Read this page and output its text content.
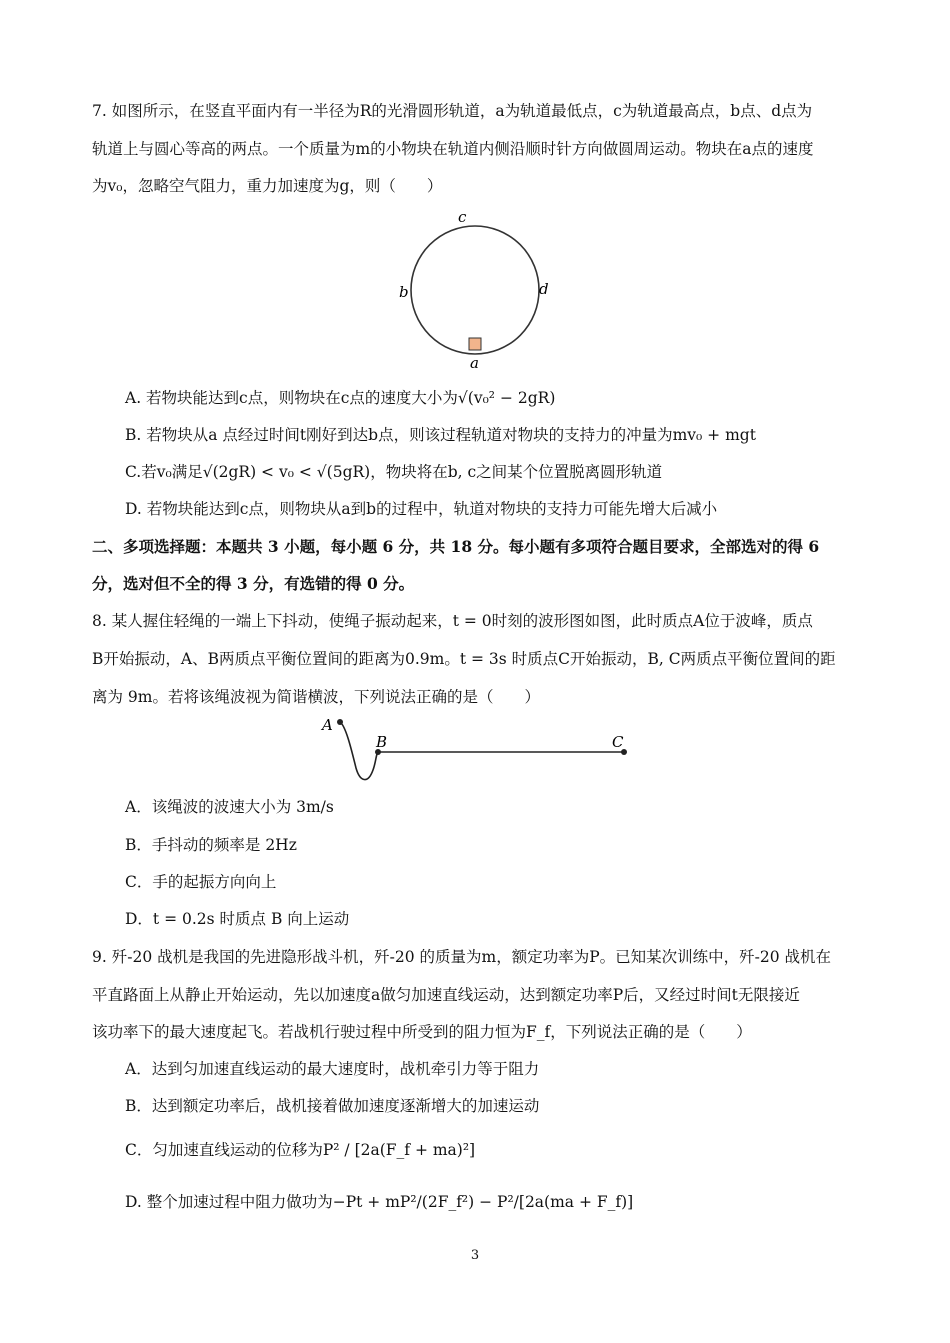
7. 如图所示，在竖直平面内有一半径为R的光滑圆形轨道，a为轨道最低点，c为轨道最高点，b点、d点为
轨道上与圆心等高的两点。一个质量为m的小物块在轨道内侧沿顺时针方向做圆周运动。物块在a点的速度
为v₀，忽略空气阻力，重力加速度为g，则（　　）
c
b	d
a
A. 若物块能达到c点，则物块在c点的速度大小为√(v₀² − 2gR)
B. 若物块从a 点经过时间t刚好到达b点，则该过程轨道对物块的支持力的冲量为mv₀ + mgt
C.若v₀满足√(2gR) < v₀ < √(5gR)，物块将在b, c之间某个位置脱离圆形轨道
D. 若物块能达到c点，则物块从a到b的过程中，轨道对物块的支持力可能先增大后减小
二、多项选择题：本题共 3 小题，每小题 6 分，共 18 分。每小题有多项符合题目要求，全部选对的得 6
分，选对但不全的得 3 分，有选错的得 0 分。
8. 某人握住轻绳的一端上下抖动，使绳子振动起来，t = 0时刻的波形图如图，此时质点A位于波峰，质点
B开始振动，A、B两质点平衡位置间的距离为0.9m。t = 3s 时质点C开始振动，B, C两质点平衡位置间的距
离为 9m。若将该绳波视为简谐横波，下列说法正确的是（　　）
A
B	C
A．该绳波的波速大小为 3m/s
B．手抖动的频率是 2Hz
C．手的起振方向向上
D．t = 0.2s 时质点 B 向上运动
9. 歼-20 战机是我国的先进隐形战斗机，歼-20 的质量为m，额定功率为P。已知某次训练中，歼-20 战机在
平直路面上从静止开始运动，先以加速度a做匀加速直线运动，达到额定功率P后，又经过时间t无限接近
该功率下的最大速度起飞。若战机行驶过程中所受到的阻力恒为F_f，下列说法正确的是（　　）
A．达到匀加速直线运动的最大速度时，战机牵引力等于阻力
B．达到额定功率后，战机接着做加速度逐渐增大的加速运动
C．匀加速直线运动的位移为P² / [2a(F_f + ma)²]
D. 整个加速过程中阻力做功为−Pt + mP²/(2F_f²) − P²/[2a(ma + F_f)]
3
